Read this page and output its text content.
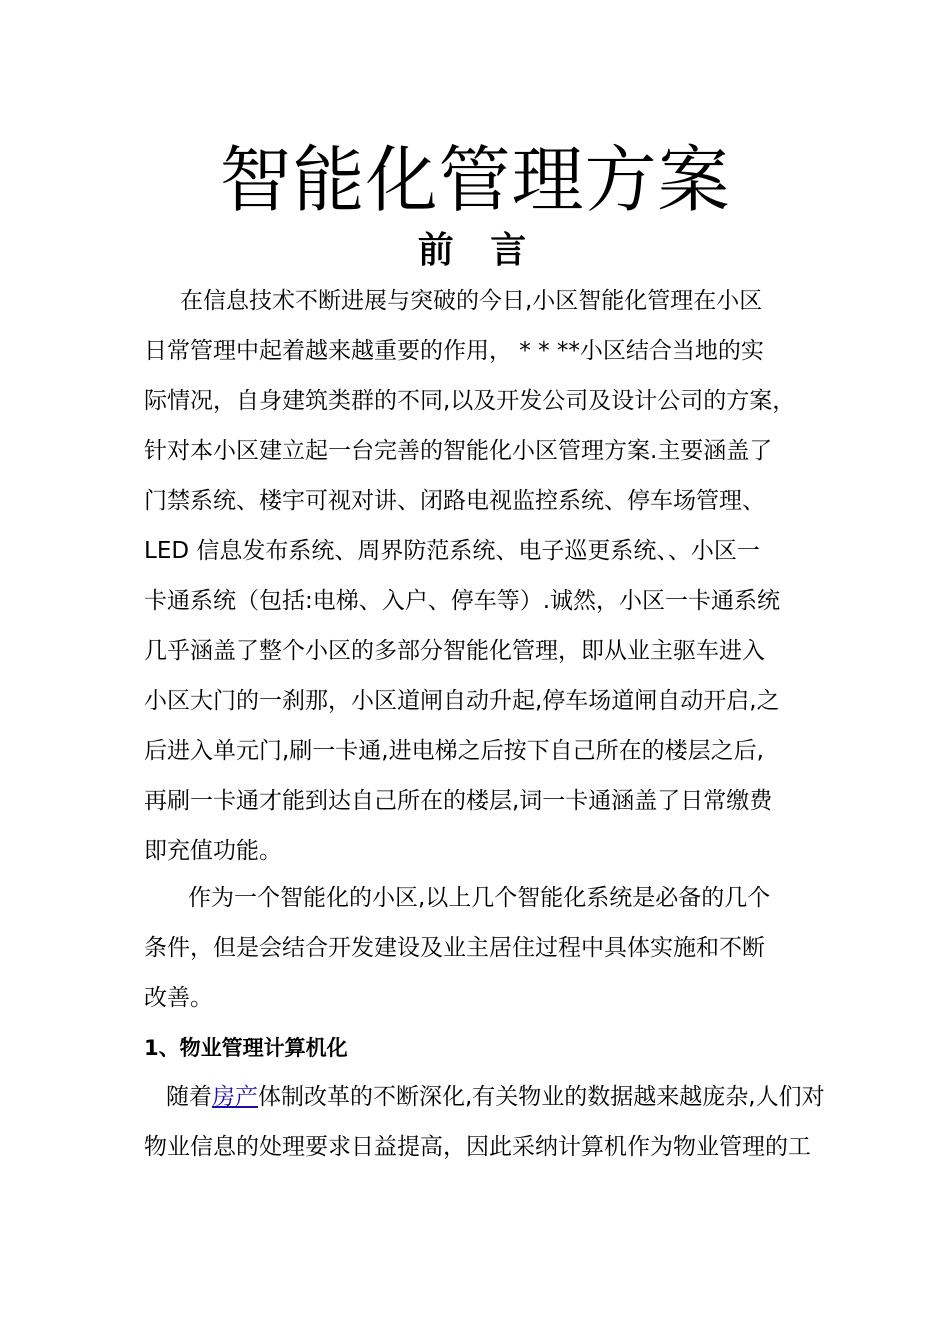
智能化管理方案
前 言
在信息技术不断进展与突破的今日,小区智能化管理在小区
日常管理中起着越来越重要的作用， * * **小区结合当地的实
际情况，自身建筑类群的不同,以及开发公司及设计公司的方案，
针对本小区建立起一台完善的智能化小区管理方案.主要涵盖了
门禁系统、楼宇可视对讲、闭路电视监控系统、停车场管理、
LED 信息发布系统、周界防范系统、电子巡更系统、、小区一
卡通系统（包括:电梯、入户、停车等）.诚然，小区一卡通系统
几乎涵盖了整个小区的多部分智能化管理，即从业主驱车进入
小区大门的一刹那，小区道闸自动升起,停车场道闸自动开启,之
后进入单元门,刷一卡通,进电梯之后按下自己所在的楼层之后,
再刷一卡通才能到达自己所在的楼层,词一卡通涵盖了日常缴费
即充值功能。
作为一个智能化的小区,以上几个智能化系统是必备的几个
条件，但是会结合开发建设及业主居住过程中具体实施和不断
改善。
1、物业管理计算机化
随着房产体制改革的不断深化,有关物业的数据越来越庞杂,人们对
物业信息的处理要求日益提高，因此采纳计算机作为物业管理的工
